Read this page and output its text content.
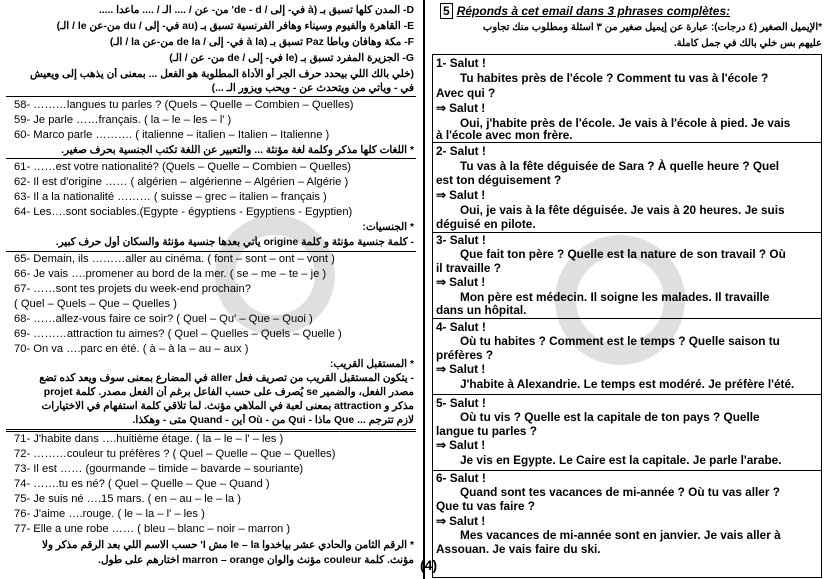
D- المدن كلها تسبق بـ (à في- إلى / de - d' من- عن / .... الـ / .... ماعدا .....
E- القاهرة والفيوم وسيناء وهافر الفرنسية تسبق بـ (au في- إلى / du من-عن le / الـ)
F- مكة وهافان وباطا Paz تسبق بـ (à la في- إلى / de la من-عن la / الـ)
G- الجزيرة المفرد تسبق بـ (le في- إلى / de من- عن / الـ)
(خلي بالك اللي بيحدد حرف الجر أو الأداة المطلوبة هو الفعل ... بمعنى أن يذهب إلى ويعيش
في - ويأتي من ويتحدث عن - ويحب ويزور الـ ...)
58- ………langues tu parles ? (Quels – Quelle – Combien – Quelles)
59- Je parle ……français. ( la – le – les – l' )
60- Marco parle ………. ( italienne – italien – Italien – Italienne )
* اللغات كلها مذكر وكلمة لغة مؤنثة ... والتعبير عن اللغة تكتب الجنسية بحرف صغير.
61- ……est votre nationalité? (Quels – Quelle – Combien – Quelles)
62- Il est d'origine …… ( algérien – algérienne – Algérien – Algérie )
63- Il a la nationalité ……… ( suisse – grec – italien – français )
64- Les….sont sociables.(Egypte - égyptiens - Egyptiens - Egyptien)
* الجنسيات:
- كلمة جنسية مؤنثة و كلمة origine يأتي بعدها جنسية مؤنثة والسكان أول حرف كبير.
65- Demain, ils ………aller au cinéma. ( font – sont – ont – vont )
66- Je vais ….promener au bord de la mer. ( se – me – te – je )
67- ……sont tes projets du week-end prochain?
( Quel – Quels – Que – Quelles )
68- ……allez-vous faire ce soir? ( Quel – Qu' – Que – Quoi )
69- ………attraction tu aimes? ( Quel – Quelles – Quels – Quelle )
70- On va ….parc en été. ( à – à la – au – aux )
* المستقبل القريب:
- يتكون المستقبل القريب من تصريف فعل aller في المضارع بمعنى سوف ويعد كده تضع
مصدر الفعل، والضمير se يُصرف على حسب الفاعل برغم أن الفعل مصدر. كلمة projet
مذكر و attraction بمعنى لعبة في الملاهي مؤنث. لما تلاقي كلمة استفهام في الاختيارات
لازم تترجم ... Que ماذا - Qui من - Où أين - Quand متى - وهكذا.
71- J'habite dans ….huitième étage. ( la – le – l' – les )
72- ………couleur tu préfères ? ( Quel – Quelle – Que – Quelles)
73- Il est …… (gourmande – timide – bavarde – souriante)
74- …….tu es né? ( Quel – Quelle – Que – Quand )
75- Je suis né ….15 mars. ( en – au – le – la )
76- J'aime ….rouge. ( le – la – l' – les )
77- Elle a une robe …… ( bleu – blanc – noir – marron )
* الرقم الثامن والحادي عشر بياخدوا le – la مش l' حسب الاسم اللي بعد الرقم مذكر ولا
مؤنث. كلمة couleur مؤنث والوان marron – orange اختارهم على طول. (4)
5 Réponds à cet email dans 3 phrases complètes:
*الإيميل الصغير (٤ درجات): عبارة عن إيميل صغير من ٣ أسئلة ومطلوب منك تجاوب
عليهم بس خلي بالك في جمل كاملة.
1- Salut !
Tu habites près de l'école ? Comment tu vas à l'école ?
Avec qui ?
⇒ Salut !
Oui, j'habite près de l'école. Je vais à l'école à pied. Je vais
à l'école avec mon frère.
2- Salut !
Tu vas à la fête déguisée de Sara ? À quelle heure ? Quel
est ton déguisement ?
⇒ Salut !
Oui, je vais à la fête déguisée. Je vais à 20 heures. Je suis
déguisé en pilote.
3- Salut !
Que fait ton père ? Quelle est la nature de son travail ? Où
il travaille ?
⇒ Salut !
Mon père est médecin. Il soigne les malades. Il travaille
dans un hôpital.
4- Salut !
Où tu habites ? Comment est le temps ? Quelle saison tu
préfères ?
⇒ Salut !
J'habite à Alexandrie. Le temps est modéré. Je préfère l'été.
5- Salut !
Où tu vis ? Quelle est la capitale de ton pays ? Quelle
langue tu parles ?
⇒ Salut !
Je vis en Egypte. Le Caire est la capitale. Je parle l'arabe.
6- Salut !
Quand sont tes vacances de mi-année ? Où tu vas aller ?
Que tu vas faire ?
⇒ Salut !
Mes vacances de mi-année sont en janvier. Je vais aller à
Assouan. Je vais faire du ski.
